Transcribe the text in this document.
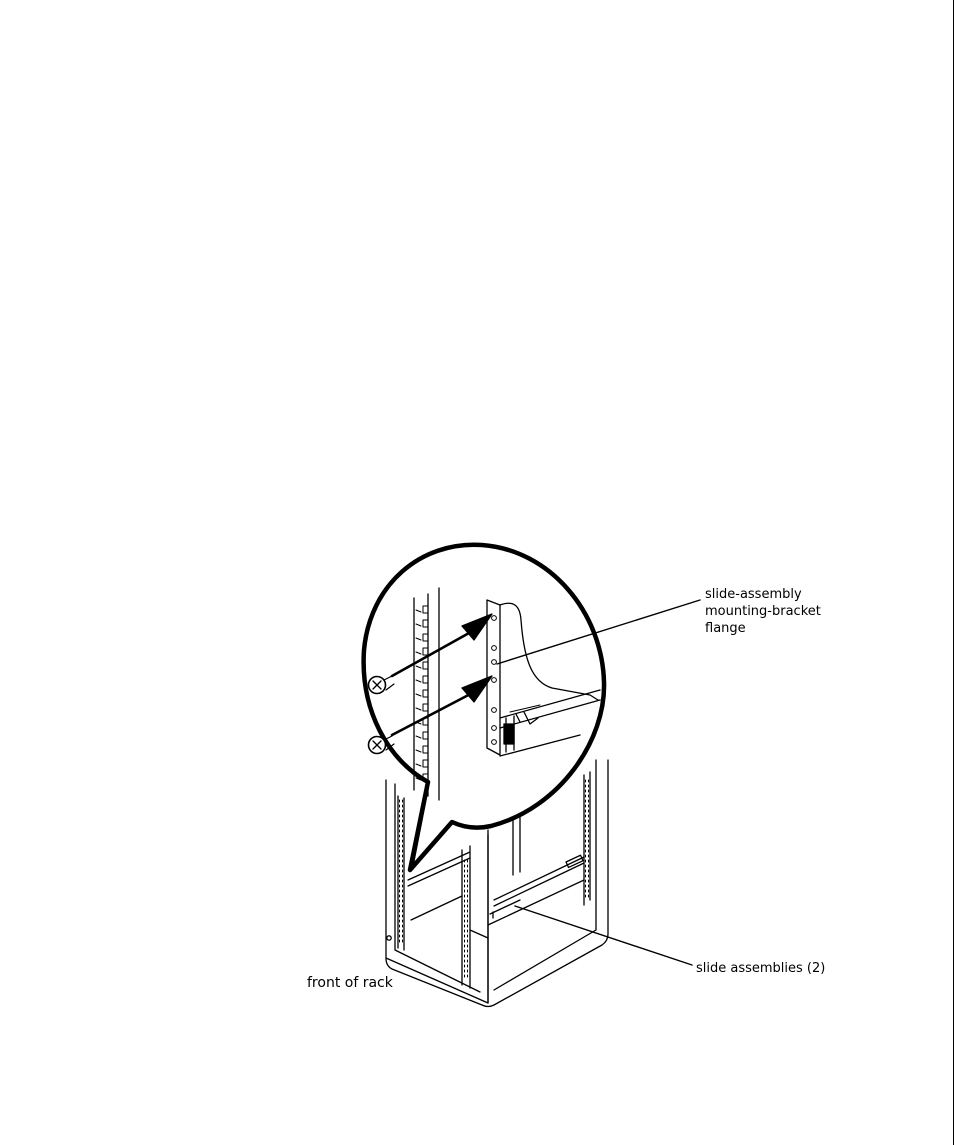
slide-assembly
mounting-bracket
flange
slide assemblies (2)
front of rack
